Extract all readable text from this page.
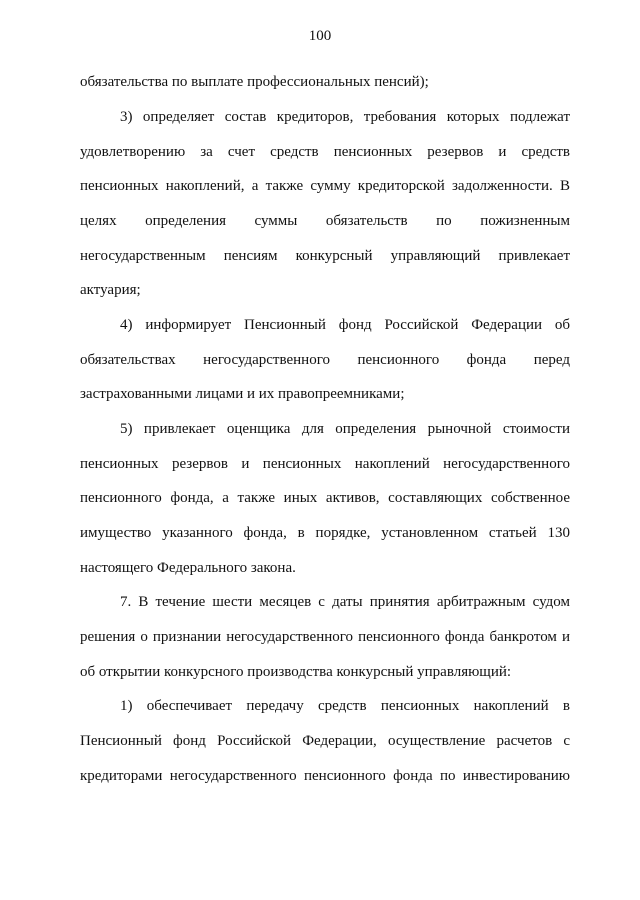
100
обязательства по выплате профессиональных пенсий);
3) определяет состав кредиторов, требования которых подлежат
удовлетворению за счет средств пенсионных резервов и средств
пенсионных накоплений, а также сумму кредиторской задолженности. В
целях определения суммы обязательств по пожизненным
негосударственным пенсиям конкурсный управляющий привлекает
актуария;
4) информирует Пенсионный фонд Российской Федерации об
обязательствах негосударственного пенсионного фонда перед
застрахованными лицами и их правопреемниками;
5) привлекает оценщика для определения рыночной стоимости
пенсионных резервов и пенсионных накоплений негосударственного
пенсионного фонда, а также иных активов, составляющих собственное
имущество указанного фонда, в порядке, установленном статьей 130
настоящего Федерального закона.
7. В течение шести месяцев с даты принятия арбитражным судом
решения о признании негосударственного пенсионного фонда банкротом и
об открытии конкурсного производства конкурсный управляющий:
1) обеспечивает передачу средств пенсионных накоплений в
Пенсионный фонд Российской Федерации, осуществление расчетов с
кредиторами негосударственного пенсионного фонда по инвестированию
